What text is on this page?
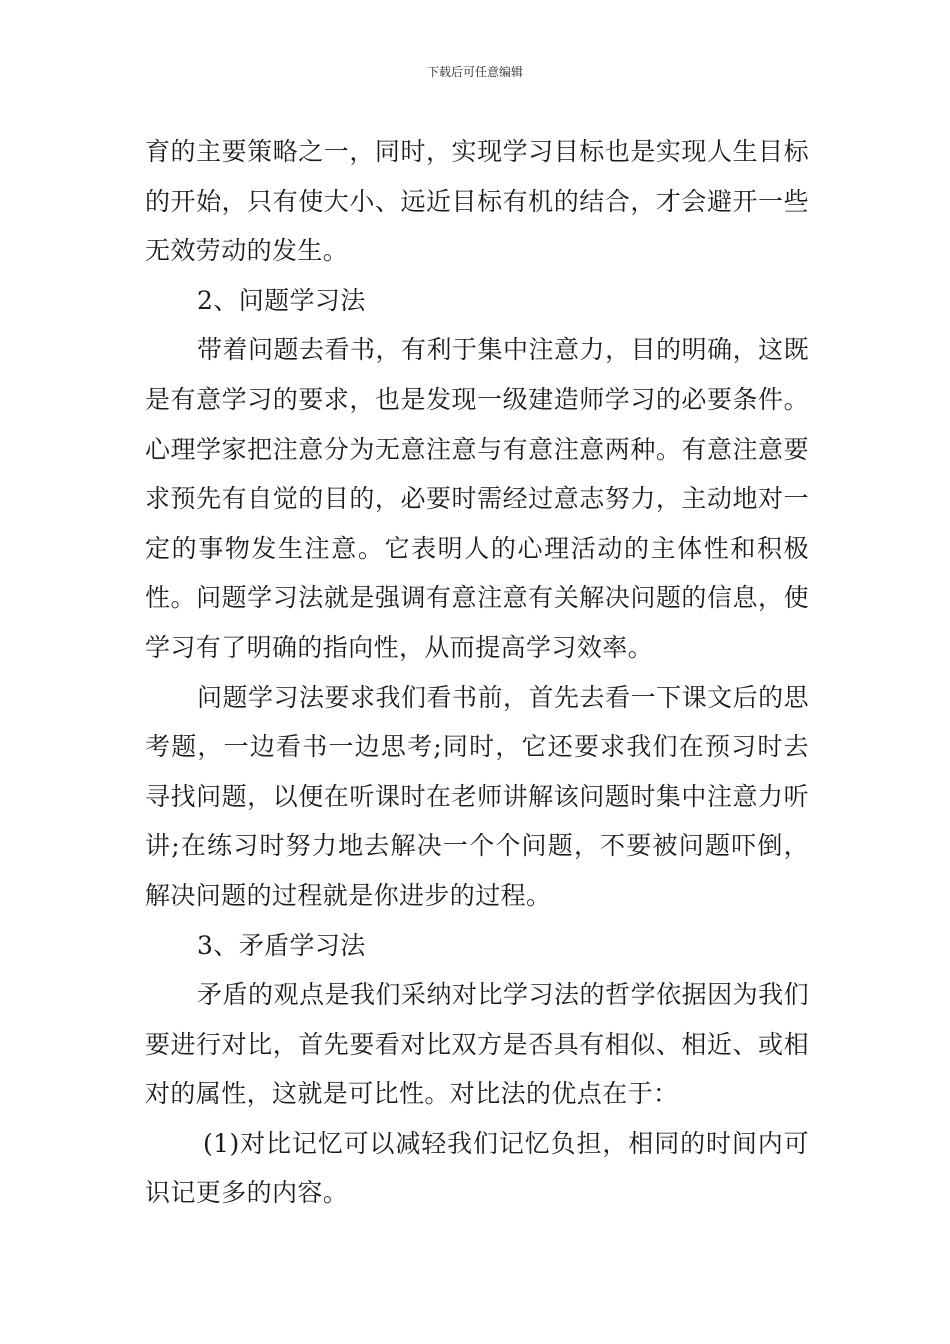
下载后可任意编辑

育的主要策略之一，同时，实现学习目标也是实现人生目标的开始，只有使大小、远近目标有机的结合，才会避开一些无效劳动的发生。

2、问题学习法

带着问题去看书，有利于集中注意力，目的明确，这既是有意学习的要求，也是发现一级建造师学习的必要条件。心理学家把注意分为无意注意与有意注意两种。有意注意要求预先有自觉的目的，必要时需经过意志努力，主动地对一定的事物发生注意。它表明人的心理活动的主体性和积极性。问题学习法就是强调有意注意有关解决问题的信息，使学习有了明确的指向性，从而提高学习效率。

问题学习法要求我们看书前，首先去看一下课文后的思考题，一边看书一边思考;同时，它还要求我们在预习时去寻找问题，以便在听课时在老师讲解该问题时集中注意力听讲;在练习时努力地去解决一个个问题，不要被问题吓倒，解决问题的过程就是你进步的过程。

3、矛盾学习法

矛盾的观点是我们采纳对比学习法的哲学依据因为我们要进行对比，首先要看对比双方是否具有相似、相近、或相对的属性，这就是可比性。对比法的优点在于：

(1)对比记忆可以减轻我们记忆负担，相同的时间内可识记更多的内容。
